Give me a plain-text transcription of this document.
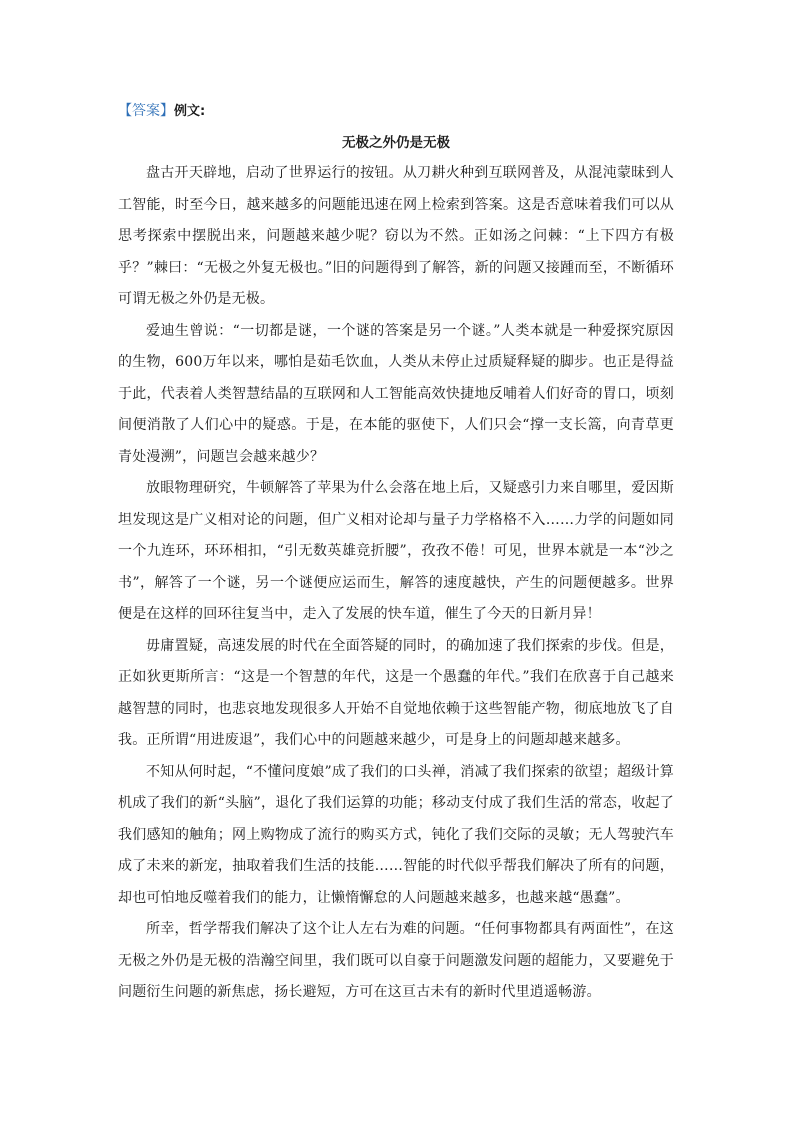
【答案】例文:

无极之外仍是无极

盘古开天辟地，启动了世界运行的按钮。从刀耕火种到互联网普及，从混沌蒙昧到人工智能，时至今日，越来越多的问题能迅速在网上检索到答案。这是否意味着我们可以从思考探索中摆脱出来，问题越来越少呢？窃以为不然。正如汤之问棘：“上下四方有极乎？”棘曰：“无极之外复无极也。”旧的问题得到了解答，新的问题又接踵而至，不断循环可谓无极之外仍是无极。

爱迪生曾说：“一切都是谜，一个谜的答案是另一个谜。”人类本就是一种爱探究原因的生物，600万年以来，哪怕是茹毛饮血，人类从未停止过质疑释疑的脚步。也正是得益于此，代表着人类智慧结晶的互联网和人工智能高效快捷地反哺着人们好奇的胃口，顷刻间便消散了人们心中的疑惑。于是，在本能的驱使下，人们只会“撑一支长篙，向青草更青处漫溯”，问题岂会越来越少？

放眼物理研究，牛顿解答了苹果为什么会落在地上后，又疑惑引力来自哪里，爱因斯坦发现这是广义相对论的问题，但广义相对论却与量子力学格格不入……力学的问题如同一个九连环，环环相扣，“引无数英雄竞折腰”，孜孜不倦！可见，世界本就是一本“沙之书”，解答了一个谜，另一个谜便应运而生，解答的速度越快，产生的问题便越多。世界便是在这样的回环往复当中，走入了发展的快车道，催生了今天的日新月异！

毋庸置疑，高速发展的时代在全面答疑的同时，的确加速了我们探索的步伐。但是，正如狄更斯所言：“这是一个智慧的年代，这是一个愚蠢的年代。”我们在欣喜于自己越来越智慧的同时，也悲哀地发现很多人开始不自觉地依赖于这些智能产物，彻底地放飞了自我。正所谓“用进废退”，我们心中的问题越来越少，可是身上的问题却越来越多。

不知从何时起，“不懂问度娘”成了我们的口头禅，消减了我们探索的欲望；超级计算机成了我们的新“头脑”，退化了我们运算的功能；移动支付成了我们生活的常态，收起了我们感知的触角；网上购物成了流行的购买方式，钝化了我们交际的灵敏；无人驾驶汽车成了未来的新宠，抽取着我们生活的技能……智能的时代似乎帮我们解决了所有的问题，却也可怕地反噬着我们的能力，让懒惰懈怠的人问题越来越多，也越来越“愚蠢”。

所幸，哲学帮我们解决了这个让人左右为难的问题。“任何事物都具有两面性”，在这无极之外仍是无极的浩瀚空间里，我们既可以自豪于问题激发问题的超能力，又要避免于问题衍生问题的新焦虑，扬长避短，方可在这亘古未有的新时代里逍遥畅游。
